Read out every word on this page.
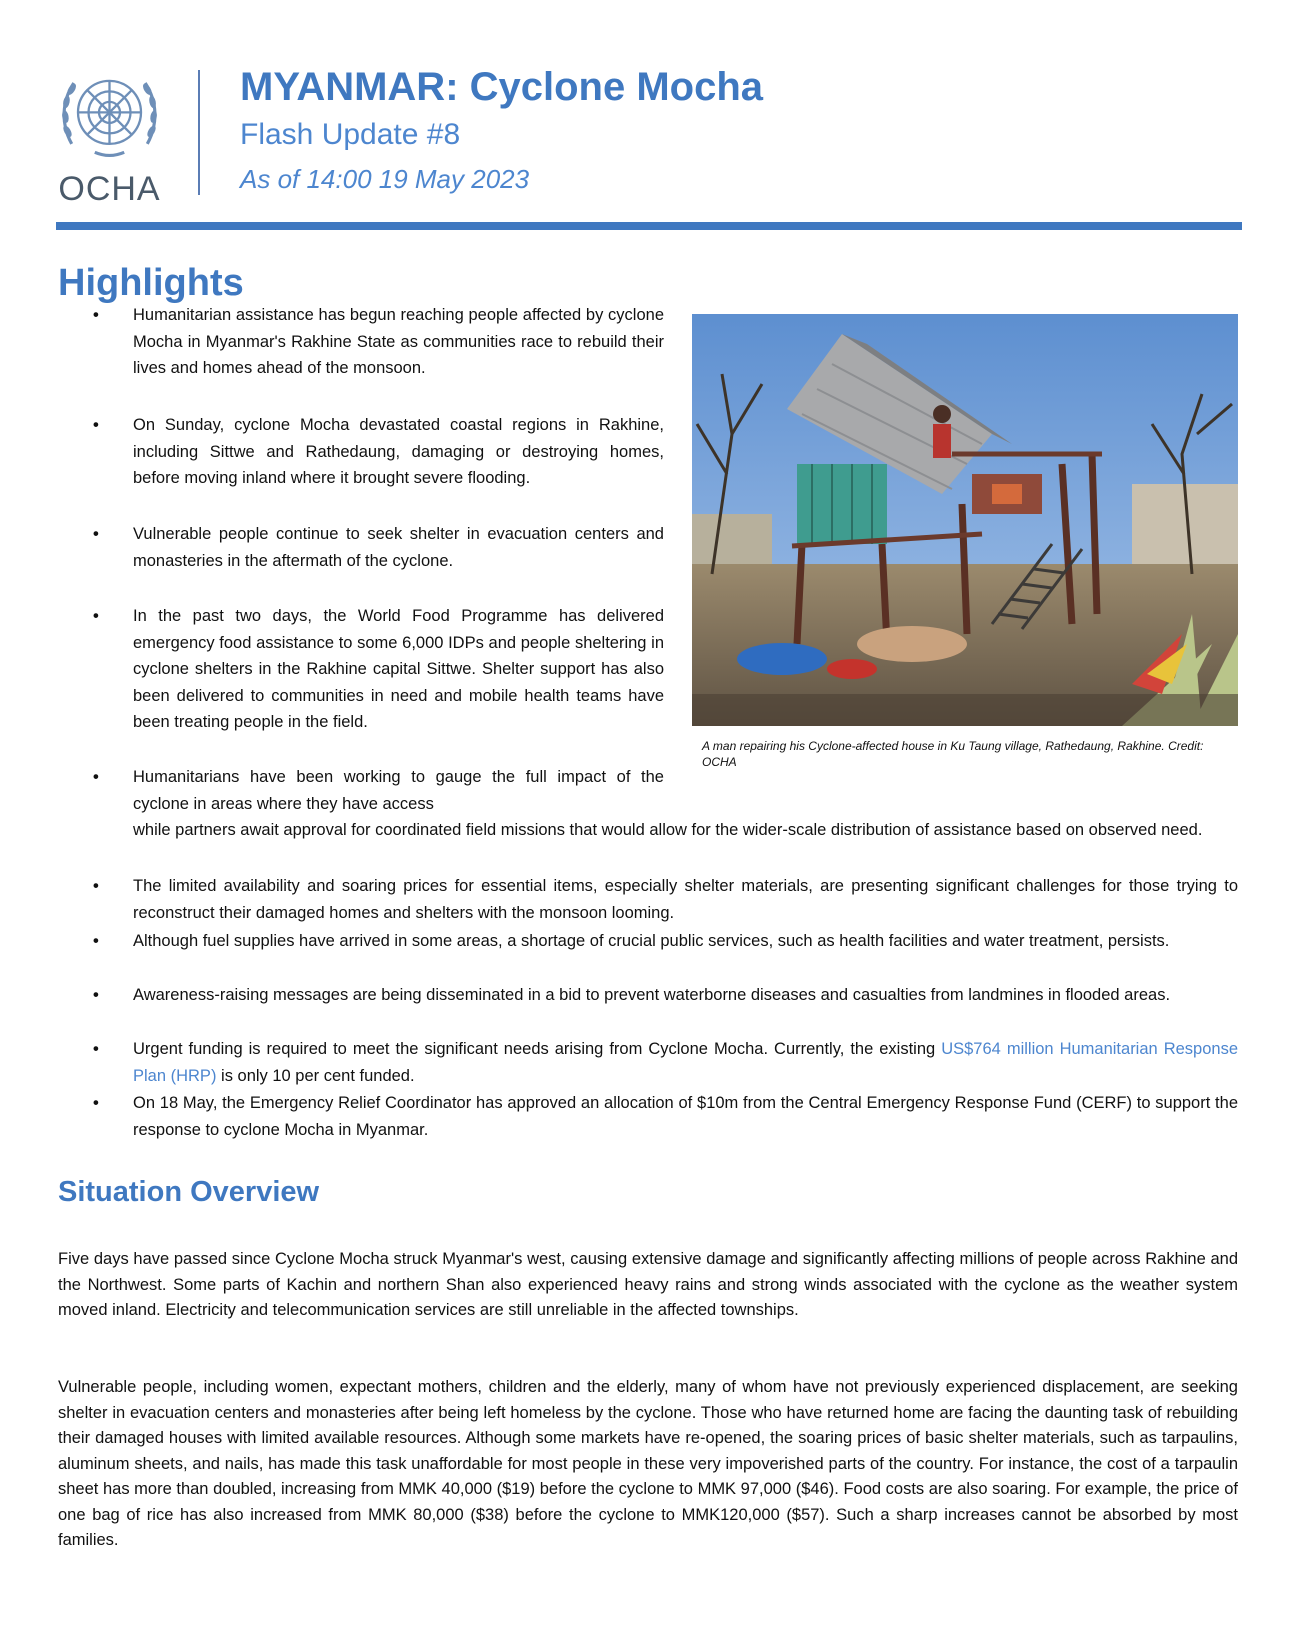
OCHA
MYANMAR: Cyclone Mocha
Flash Update #8
As of 14:00 19 May 2023
Highlights
A man repairing his Cyclone-affected house in Ku Taung village, Rathedaung, Rakhine. Credit: OCHA
• Humanitarian assistance has begun reaching people affected by cyclone Mocha in Myanmar's Rakhine State as communities race to rebuild their lives and homes ahead of the monsoon.
• On Sunday, cyclone Mocha devastated coastal regions in Rakhine, including Sittwe and Rathedaung, damaging or destroying homes, before moving inland where it brought severe flooding.
• Vulnerable people continue to seek shelter in evacuation centers and monasteries in the aftermath of the cyclone.
• In the past two days, the World Food Programme has delivered emergency food assistance to some 6,000 IDPs and people sheltering in cyclone shelters in the Rakhine capital Sittwe. Shelter support has also been delivered to communities in need and mobile health teams have been treating people in the field.
• Humanitarians have been working to gauge the full impact of the cyclone in areas where they have access
while partners await approval for coordinated field missions that would allow for the wider-scale distribution of assistance based on observed need.
• The limited availability and soaring prices for essential items, especially shelter materials, are presenting significant challenges for those trying to reconstruct their damaged homes and shelters with the monsoon looming.
• Although fuel supplies have arrived in some areas, a shortage of crucial public services, such as health facilities and water treatment, persists.
• Awareness-raising messages are being disseminated in a bid to prevent waterborne diseases and casualties from landmines in flooded areas.
• Urgent funding is required to meet the significant needs arising from Cyclone Mocha. Currently, the existing US$764 million Humanitarian Response Plan (HRP) is only 10 per cent funded.
• On 18 May, the Emergency Relief Coordinator has approved an allocation of $10m from the Central Emergency Response Fund (CERF) to support the response to cyclone Mocha in Myanmar.
Situation Overview

Five days have passed since Cyclone Mocha struck Myanmar's west, causing extensive damage and significantly affecting millions of people across Rakhine and the Northwest. Some parts of Kachin and northern Shan also experienced heavy rains and strong winds associated with the cyclone as the weather system moved inland. Electricity and telecommunication services are still unreliable in the affected townships.

Vulnerable people, including women, expectant mothers, children and the elderly, many of whom have not previously experienced displacement, are seeking shelter in evacuation centers and monasteries after being left homeless by the cyclone. Those who have returned home are facing the daunting task of rebuilding their damaged houses with limited available resources. Although some markets have re-opened, the soaring prices of basic shelter materials, such as tarpaulins, aluminum sheets, and nails, has made this task unaffordable for most people in these very impoverished parts of the country. For instance, the cost of a tarpaulin sheet has more than doubled, increasing from MMK 40,000 ($19) before the cyclone to MMK 97,000 ($46). Food costs are also soaring. For example, the price of one bag of rice has also increased from MMK 80,000 ($38) before the cyclone to MMK120,000 ($57). Such a sharp increases cannot be absorbed by most families.
